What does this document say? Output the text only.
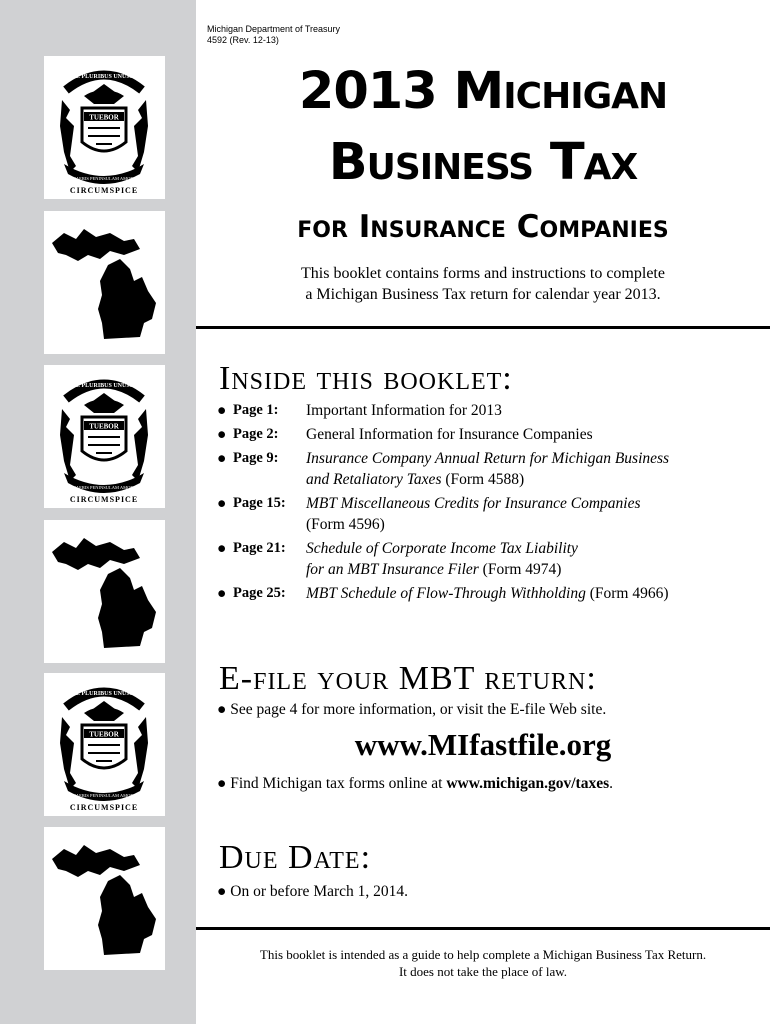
E PLURIBUS UNUM
TUEBOR
SI QUAERIS PENINSULAM AMOENAM
CIRCUMSPICE
E PLURIBUS UNUM
TUEBOR
SI QUAERIS PENINSULAM AMOENAM
CIRCUMSPICE
E PLURIBUS UNUM
TUEBOR
SI QUAERIS PENINSULAM AMOENAM
CIRCUMSPICE
Michigan Department of Treasury
4592 (Rev. 12-13)
2013 Michigan
Business Tax
for Insurance Companies
This booklet contains forms and instructions to complete
a Michigan Business Tax return for calendar year 2013.
Inside this booklet:
● Page 1:	Important Information for 2013
● Page 2:	General Information for Insurance Companies
● Page 9:	Insurance Company Annual Return for Michigan Business
and Retaliatory Taxes (Form 4588)
● Page 15:	MBT Miscellaneous Credits for Insurance Companies
(Form 4596)
● Page 21:	Schedule of Corporate Income Tax Liability
for an MBT Insurance Filer (Form 4974)
● Page 25:	MBT Schedule of Flow-Through Withholding (Form 4966)
E-file your MBT return:
● See page 4 for more information, or visit the E-file Web site.
www.MIfastfile.org
● Find Michigan tax forms online at www.michigan.gov/taxes.
Due Date:
● On or before March 1, 2014.
This booklet is intended as a guide to help complete a Michigan Business Tax Return.
It does not take the place of law.
